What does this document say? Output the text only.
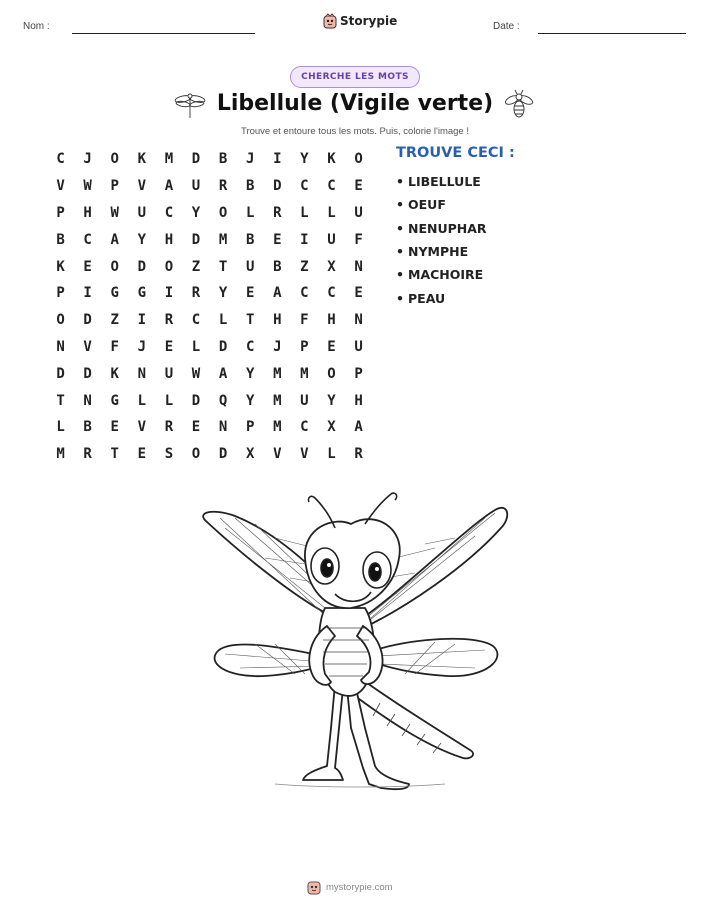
Nom :	Storypie	Date :
CHERCHE LES MOTS
Libellule (Vigile verte)
Trouve et entoure tous les mots. Puis, colorie l'image !
C	J	O	K	M	D	B	J	I	Y	K	O
V	W	P	V	A	U	R	B	D	C	C	E
P	H	W	U	C	Y	O	L	R	L	L	U
B	C	A	Y	H	D	M	B	E	I	U	F
K	E	O	D	O	Z	T	U	B	Z	X	N
P	I	G	G	I	R	Y	E	A	C	C	E
O	D	Z	I	R	C	L	T	H	F	H	N
N	V	F	J	E	L	D	C	J	P	E	U
D	D	K	N	U	W	A	Y	M	M	O	P
T	N	G	L	L	D	Q	Y	M	U	Y	H
L	B	E	V	R	E	N	P	M	C	X	A
M	R	T	E	S	O	D	X	V	V	L	R
TROUVE CECI :
• LIBELLULE
• OEUF
• NENUPHAR
• NYMPHE
• MACHOIRE
• PEAU
mystorypie.com
